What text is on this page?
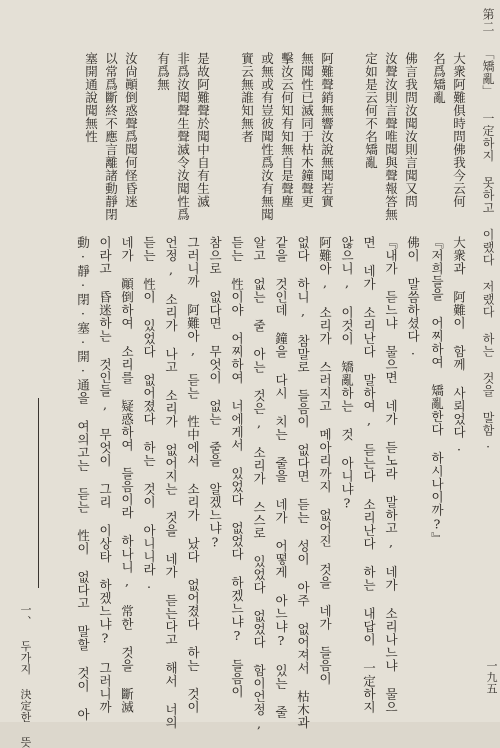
第二 「矯亂」 一定하지 못하고 이랬다 저랬다 하는 것을 말함.
一九五
一、 두가지 決定한 뜻
大衆阿難俱時問佛我今云何
名爲矯亂
佛言我問汝聞汝則言聞又問
汝聲汝則言聲唯聞與聲報答無
定如是云何不名矯亂
阿難聲銷無響汝說無聞若實
無聞性已滅同于枯木鐘聲更
擊汝云何知有知無自是聲塵
或無或有豈彼聞性爲汝有無聞
實云無誰知無者
是故阿難聲於聞中自有生滅
非爲汝聞聲生聲滅令汝聞性爲
有爲無
汝尙顚倒惑聲爲聞何怪昏迷
以常爲斷終不應言離諸動靜閉
塞開通說聞無性
大衆과 阿難이 함께 사뢰었다.
『저희들을 어찌하여 矯亂한다 하시나이까?』
佛이 말씀하셨다.
『내가 듣느냐 물으면 네가 듣노라 말하고, 네가 소리나느냐 물으
면 네가 소리난다 말하여, 듣는다 소리난다 하는 내답이 一定하지
않으니, 이것이 矯亂하는 것 아니냐?
阿難아, 소리가 스러지고 메아리까지 없어진 것을 네가 들음이
없다 하니, 참말로 들음이 없다면 듣는 성이 아주 없어져서 枯木과
같을 것인데 鐘을 다시 치는 줄을 네가 어떻게 아느냐? 있는 줄
알고 없는 줄 아는 것은, 소리가 스스로 있었다 없었다 함이언정,
듣는 性이야 어찌하여 너에게서 있었다 없었다 하겠느냐? 들음이
참으로 없다면 무엇이 없는 줄을 알겠느냐?
그러니까 阿難아, 듣는 性中에서 소리가 났다 없어졌다 하는 것이
언정, 소리가 나고 소리가 없어지는 것을 네가 듣는다고 해서 너의
듣는 性이 있었다 없어졌다 하는 것이 아니니라.
네가 顚倒하여 소리를 疑惑하여 들음이라 하나니, 常한 것을 斷滅
이라고 昏迷하는 것인들, 무엇이 그리 이상타 하겠느냐? 그러니까
動·靜·閉·塞·開·通을 여의고는 듣는 性이 없다고 말할 것이 아
